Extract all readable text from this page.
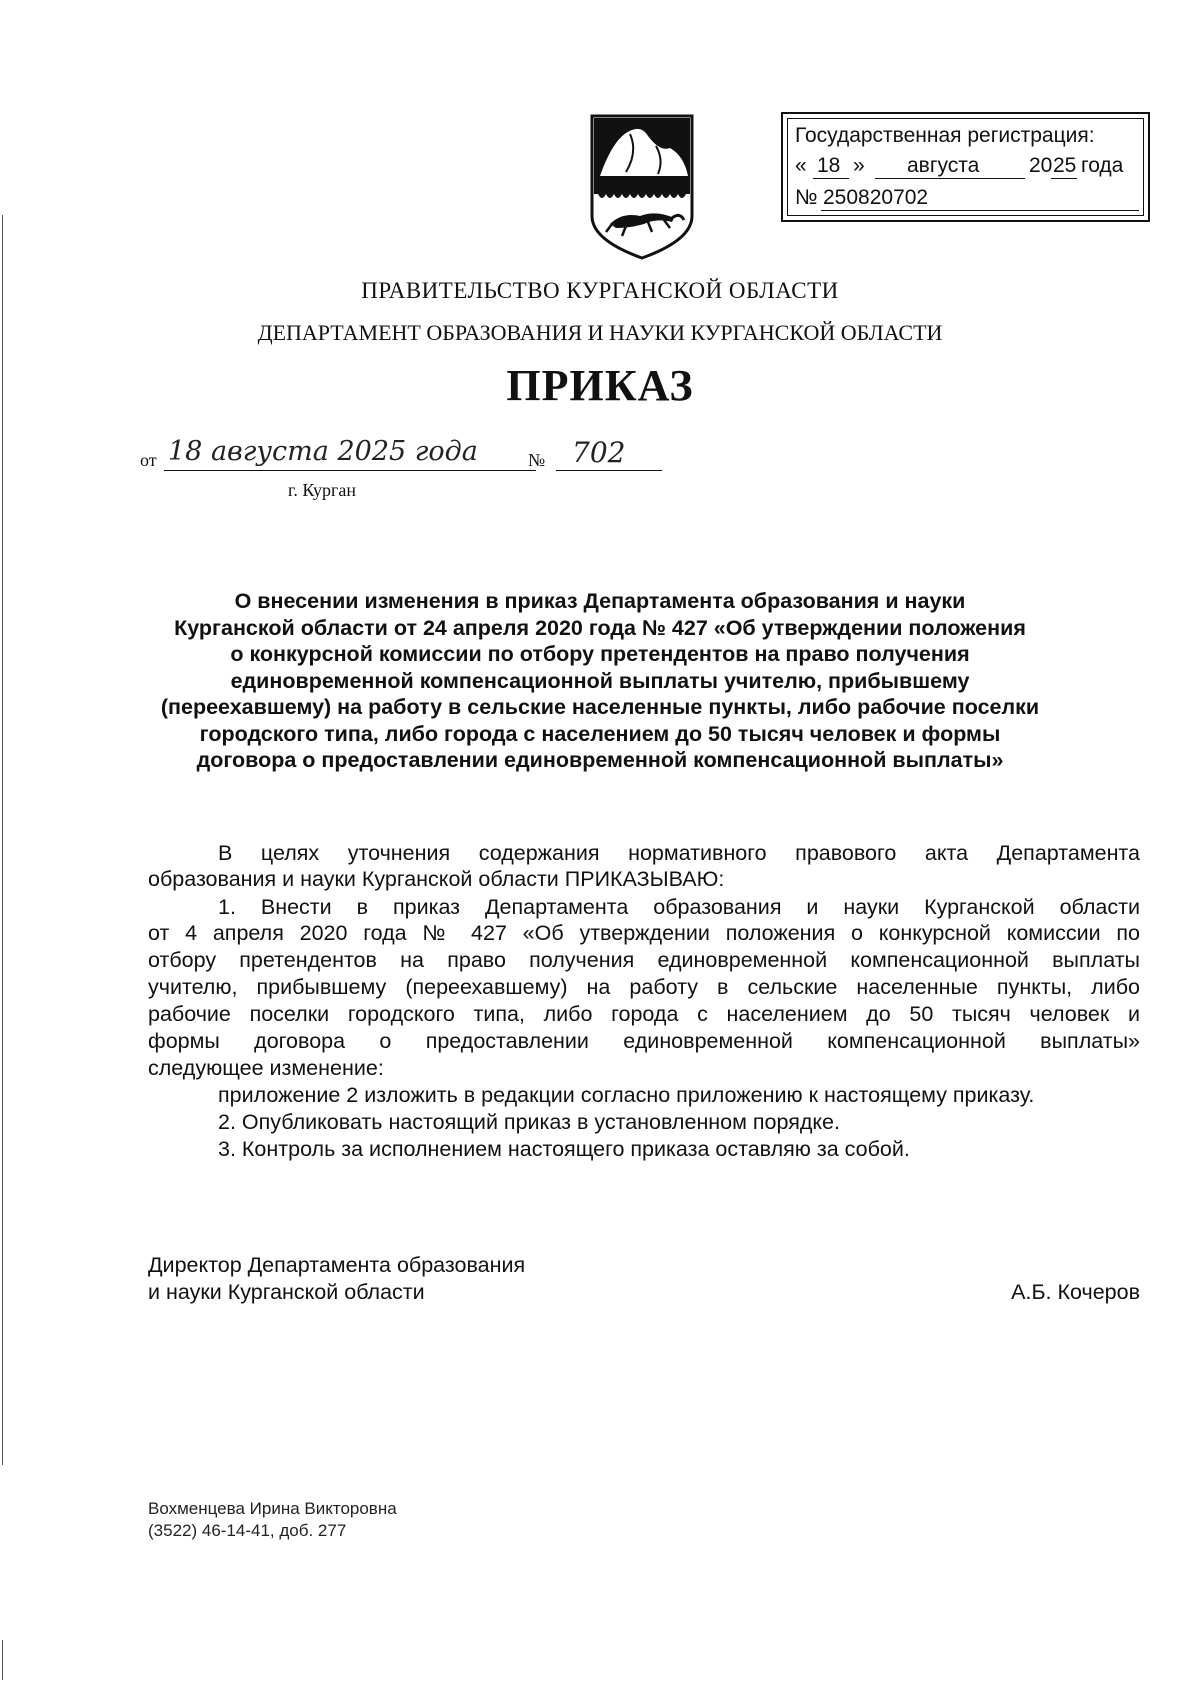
Государственная регистрация:
« 18 » августа 20 25 года
№ 250820702
ПРАВИТЕЛЬСТВО КУРГАНСКОЙ ОБЛАСТИ
ДЕПАРТАМЕНТ ОБРАЗОВАНИЯ И НАУКИ КУРГАНСКОЙ ОБЛАСТИ
ПРИКАЗ
от 18 августа 2025 года	№ 702
г. Курган
О внесении изменения в приказ Департамента образования и науки
Курганской области от 24 апреля 2020 года № 427 «Об утверждении положения
о конкурсной комиссии по отбору претендентов на право получения
единовременной компенсационной выплаты учителю, прибывшему
(переехавшему) на работу в сельские населенные пункты, либо рабочие поселки
городского типа, либо города с населением до 50 тысяч человек и формы
договора о предоставлении единовременной компенсационной выплаты»
В целях уточнения содержания нормативного правового акта Департамента
образования и науки Курганской области ПРИКАЗЫВАЮ:
1. Внести в приказ Департамента образования и науки Курганской области
от 4 апреля 2020 года № 427 «Об утверждении положения о конкурсной комиссии по
отбору претендентов на право получения единовременной компенсационной выплаты
учителю, прибывшему (переехавшему) на работу в сельские населенные пункты, либо
рабочие поселки городского типа, либо города с населением до 50 тысяч человек и
формы договора о предоставлении единовременной компенсационной выплаты»
следующее изменение:
приложение 2 изложить в редакции согласно приложению к настоящему приказу.
2. Опубликовать настоящий приказ в установленном порядке.
3. Контроль за исполнением настоящего приказа оставляю за собой.
Директор Департамента образования
и науки Курганской области	А.Б. Кочеров
Вохменцева Ирина Викторовна
(3522) 46-14-41, доб. 277
